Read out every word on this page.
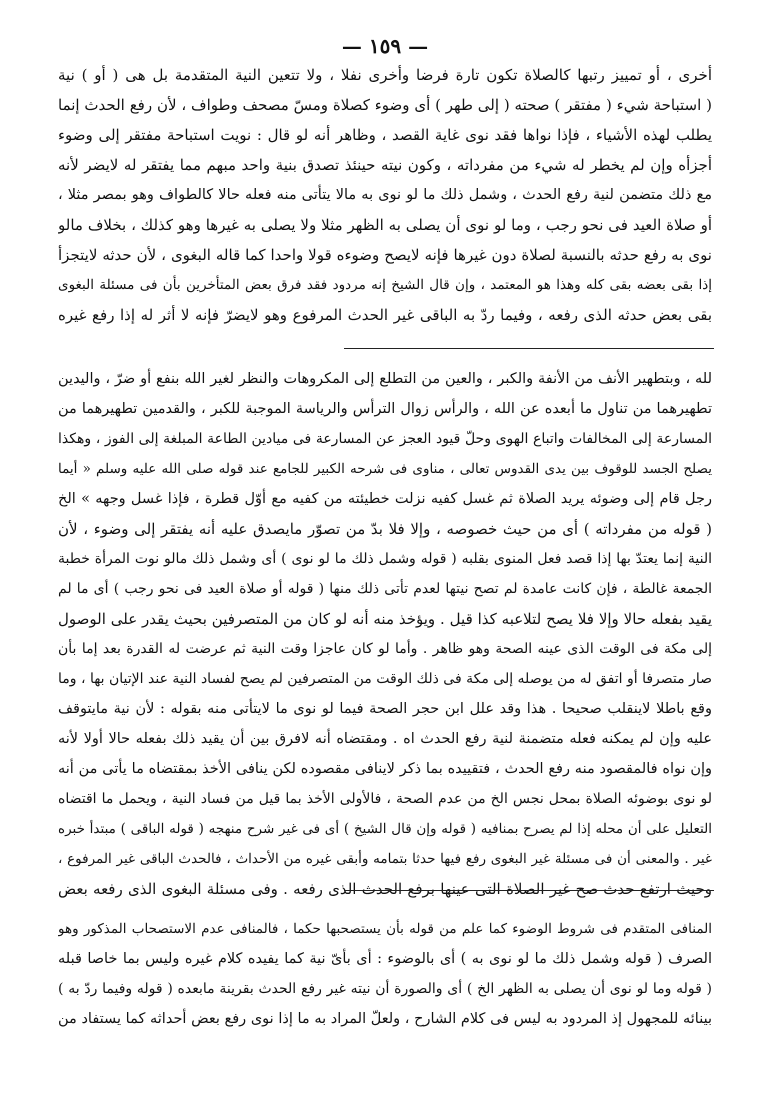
— ١٥٩ —
أخرى ، أو تمييز رتبها كالصلاة تكون تارة فرضا وأخرى نفلا ، ولا تتعين النية المتقدمة بل هى ( أو ) نية
( استباحة شيء ( مفتقر ) صحته ( إلى طهر ) أى وضوء كصلاة ومسّ مصحف وطواف ، لأن رفع الحدث إنما
يطلب لهذه الأشياء ، فإذا نواها فقد نوى غاية القصد ، وظاهر أنه لو قال : نويت استباحة مفتقر إلى وضوء
أجزأه وإن لم يخطر له شيء من مفرداته ، وكون نيته حينئذ تصدق بنية واحد مبهم مما يفتقر له لايضر لأنه
مع ذلك متضمن لنية رفع الحدث ، وشمل ذلك ما لو نوى به مالا يتأتى منه فعله حالا كالطواف وهو بمصر مثلا ،
أو صلاة العيد فى نحو رجب ، وما لو نوى أن يصلى به الظهر مثلا ولا يصلى به غيرها وهو كذلك ، بخلاف مالو
نوى به رفع حدثه بالنسبة لصلاة دون غيرها فإنه لايصح وضوءه قولا واحدا كما قاله البغوى ، لأن حدثه لايتجزأ
إذا بقى بعضه بقى كله وهذا هو المعتمد ، وإن قال الشيخ إنه مردود فقد فرق بعض المتأخرين بأن فى مسئلة البغوى
بقى بعض حدثه الذى رفعه ، وفيما ردّ به الباقى غير الحدث المرفوع وهو لايضرّ فإنه لا أثر له إذا رفع غيره
لله ، وبتطهير الأنف من الأنفة والكبر ، والعين من التطلع إلى المكروهات والنظر لغير الله بنفع أو ضرّ ، واليدين
تطهيرهما من تناول ما أبعده عن الله ، والرأس زوال الترأس والرياسة الموجبة للكبر ، والقدمين تطهيرهما من
المسارعة إلى المخالفات واتباع الهوى وحلّ قيود العجز عن المسارعة فى ميادين الطاعة المبلغة إلى الفوز ، وهكذا
يصلح الجسد للوقوف بين يدى القدوس تعالى ، مناوى فى شرحه الكبير للجامع عند قوله صلى الله عليه وسلم « أيما
رجل قام إلى وضوئه يريد الصلاة ثم غسل كفيه نزلت خطيئته من كفيه مع أوّل قطرة ، فإذا غسل وجهه » الخ
( قوله من مفرداته ) أى من حيث خصوصه ، وإلا فلا بدّ من تصوّر مايصدق عليه أنه يفتقر إلى وضوء ، لأن
النية إنما يعتدّ بها إذا قصد فعل المنوى بقلبه ( قوله وشمل ذلك ما لو نوى ) أى وشمل ذلك مالو نوت المرأة خطبة
الجمعة غالطة ، فإن كانت عامدة لم تصح نيتها لعدم تأتى ذلك منها ( قوله أو صلاة العيد فى نحو رجب ) أى ما لم
يقيد بفعله حالا وإلا فلا يصح لتلاعبه كذا قيل . ويؤخذ منه أنه لو كان من المتصرفين بحيث يقدر على الوصول
إلى مكة فى الوقت الذى عينه الصحة وهو ظاهر . وأما لو كان عاجزا وقت النية ثم عرضت له القدرة بعد إما بأن
صار متصرفا أو اتفق له من يوصله إلى مكة فى ذلك الوقت من المتصرفين لم يصح لفساد النية عند الإتيان بها ، وما
وقع باطلا لاينقلب صحيحا . هذا وقد علل ابن حجر الصحة فيما لو نوى ما لايتأتى منه بقوله : لأن نية مايتوقف
عليه وإن لم يمكنه فعله متضمنة لنية رفع الحدث اه . ومقتضاه أنه لافرق بين أن يقيد ذلك بفعله حالا أولا لأنه
وإن نواه فالمقصود منه رفع الحدث ، فتقييده بما ذكر لاينافى مقصوده لكن ينافى الأخذ بمقتضاه ما يأتى من أنه
لو نوى بوضوئه الصلاة بمحل نجس الخ من عدم الصحة ، فالأولى الأخذ بما قيل من فساد النية ، ويحمل ما اقتضاه
التعليل على أن محله إذا لم يصرح بمنافيه ( قوله وإن قال الشيخ ) أى فى غير شرح منهجه ( قوله الباقى ) مبتدأ خبره
غير . والمعنى أن فى مسئلة غير البغوى رفع فيها حدثا بتمامه وأبقى غيره من الأحداث ، فالحدث الباقى غير المرفوع ،
وحيث ارتفع حدث صح غير الصلاة التى عينها برفع الحدث الذى رفعه . وفى مسئلة البغوى الذى رفعه بعض
المنافى المتقدم فى شروط الوضوء كما علم من قوله بأن يستصحبها حكما ، فالمنافى عدم الاستصحاب المذكور وهو
الصرف ( قوله وشمل ذلك ما لو نوى به ) أى بالوضوء : أى بأىّ نية كما يفيده كلام غيره وليس بما خاصا قبله
( قوله وما لو نوى أن يصلى به الظهر الخ ) أى والصورة أن نيته غير رفع الحدث بقرينة مابعده ( قوله وفيما ردّ به )
بينائه للمجهول إذ المردود به ليس فى كلام الشارح ، ولعلّ المراد به ما إذا نوى رفع بعض أحداثه كما يستفاد من
